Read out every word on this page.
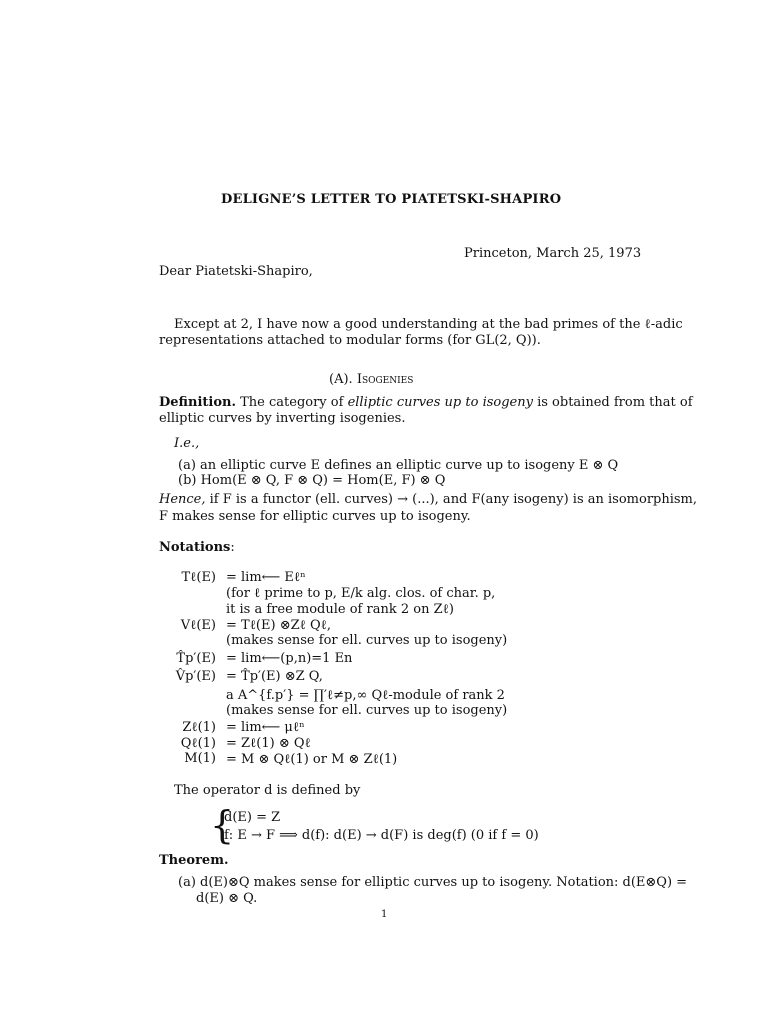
DELIGNE’S LETTER TO PIATETSKI-SHAPIRO
Princeton, March 25, 1973
Dear Piatetski-Shapiro,
Except at 2, I have now a good understanding at the bad primes of the ℓ-adic
representations attached to modular forms (for GL(2, Q)).
(A). Isogenies
Definition. The category of elliptic curves up to isogeny is obtained from that of
elliptic curves by inverting isogenies.
I.e.,
(a) an elliptic curve E defines an elliptic curve up to isogeny E ⊗ Q
(b) Hom(E ⊗ Q, F ⊗ Q) = Hom(E, F) ⊗ Q
Hence, if F is a functor (ell. curves) → (...), and F(any isogeny) is an isomorphism,
F makes sense for elliptic curves up to isogeny.
Notations:
Tℓ(E) = lim⟵ Eℓⁿ
(for ℓ prime to p, E/k alg. clos. of char. p,
it is a free module of rank 2 on Zℓ)
Vℓ(E) = Tℓ(E) ⊗Zℓ Qℓ,
(makes sense for ell. curves up to isogeny)
T̂p′(E) = lim⟵(p,n)=1 En
V̂p′(E) = T̂p′(E) ⊗Z Q,
a A^{f.p′} = ∏′ℓ≠p,∞ Qℓ-module of rank 2
(makes sense for ell. curves up to isogeny)
Zℓ(1) = lim⟵ μℓⁿ
Qℓ(1) = Zℓ(1) ⊗ Qℓ
M(1) = M ⊗ Qℓ(1) or M ⊗ Zℓ(1)
The operator d is defined by
{
d(E) = Z
f: E → F ⟹ d(f): d(E) → d(F) is deg(f) (0 if f = 0)
Theorem.
(a) d(E)⊗Q makes sense for elliptic curves up to isogeny. Notation: d(E⊗Q) =
d(E) ⊗ Q.
1
